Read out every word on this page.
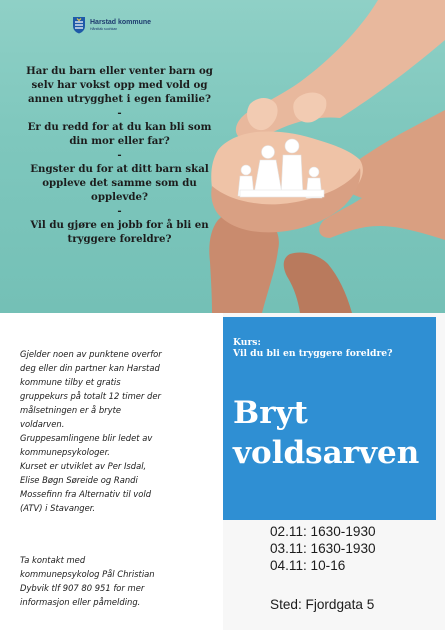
Harstad kommune
Hårstták suohkan
Har du barn eller venter barn og selv har vokst opp med vold og annen utrygghet i egen familie?
-
Er du redd for at du kan bli som din mor eller far?
-
Engster du for at ditt barn skal oppleve det samme som du opplevde?
-
Vil du gjøre en jobb for å bli en tryggere foreldre?
Gjelder noen av punktene overfor
deg eller din partner kan Harstad
kommune tilby et gratis
gruppekurs på totalt 12 timer der
målsetningen er å bryte
voldarven.
Gruppesamlingene blir ledet av
kommunepsykologer.
Kurset er utviklet av Per Isdal,
Elise Bøgn Søreide og Randi
Mossefinn fra Alternativ til vold
(ATV) i Stavanger.
Ta kontakt med
kommunepsykolog Pål Christian
Dybvik tlf 907 80 951 for mer
informasjon eller påmelding.
Kurs:
Vil du bli en tryggere foreldre?
Bryt
voldsarven
02.11: 1630-1930
03.11: 1630-1930
04.11: 10-16
Sted: Fjordgata 5
